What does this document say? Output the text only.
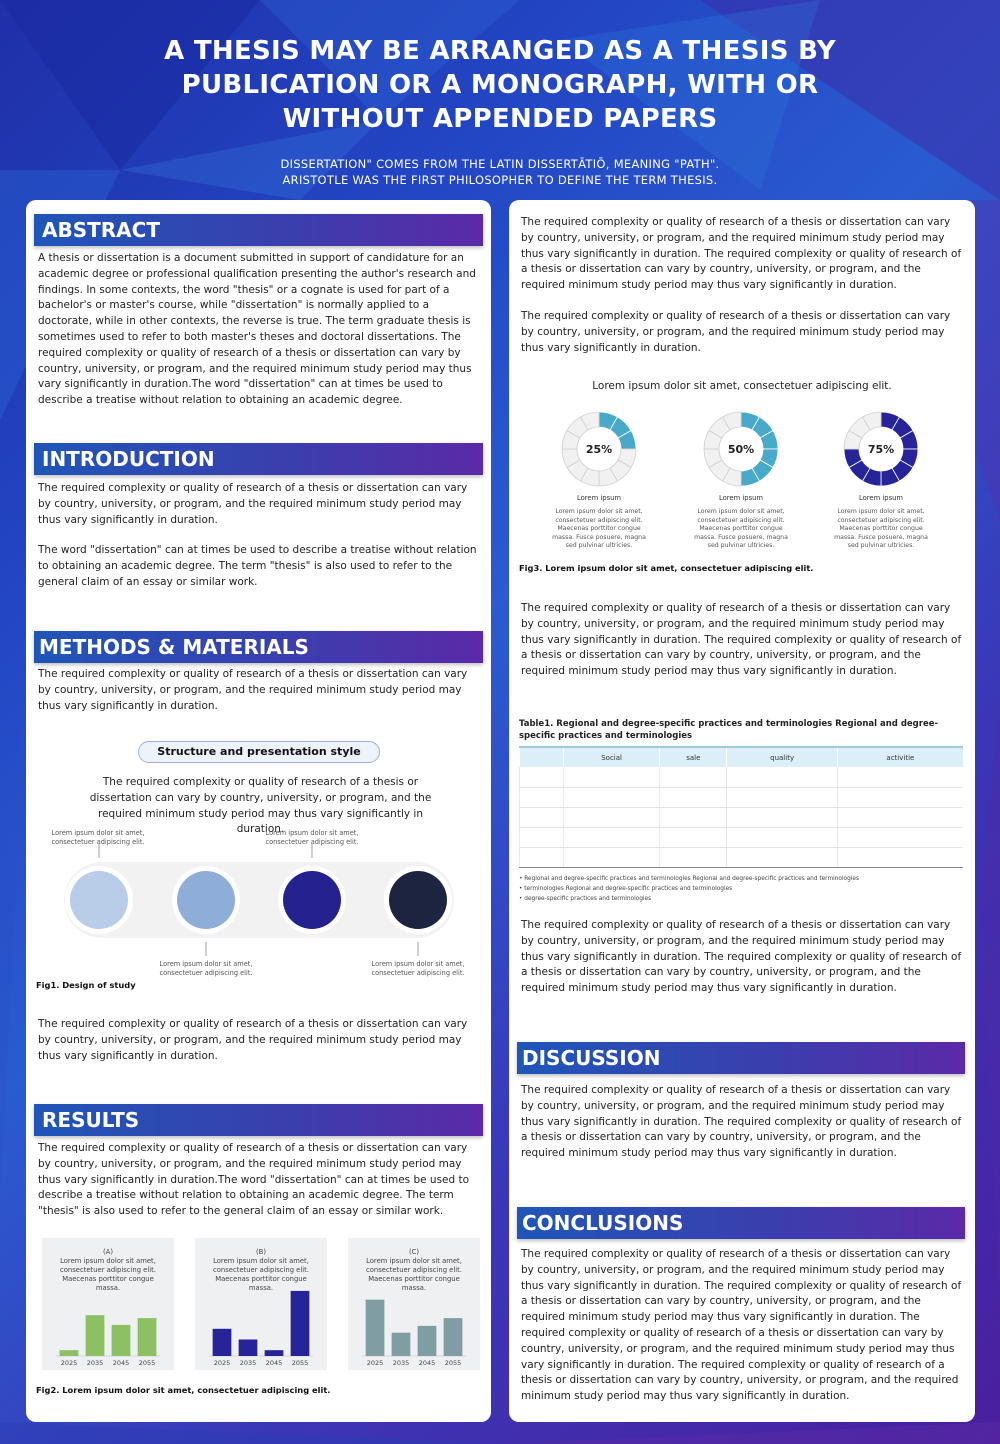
A THESIS MAY BE ARRANGED AS A THESIS BY PUBLICATION OR A MONOGRAPH, WITH OR WITHOUT APPENDED PAPERS
DISSERTATION" COMES FROM THE LATIN DISSERTĀTIŌ, MEANING "PATH".
ARISTOTLE WAS THE FIRST PHILOSOPHER TO DEFINE THE TERM THESIS.
ABSTRACT
A thesis or dissertation is a document submitted in support of candidature for an academic degree or professional qualification presenting the author's research and findings. In some contexts, the word "thesis" or a cognate is used for part of a bachelor's or master's course, while "dissertation" is normally applied to a doctorate, while in other contexts, the reverse is true. The term graduate thesis is sometimes used to refer to both master's theses and doctoral dissertations. The required complexity or quality of research of a thesis or dissertation can vary by country, university, or program, and the required minimum study period may thus vary significantly in duration.The word "dissertation" can at times be used to describe a treatise without relation to obtaining an academic degree.
INTRODUCTION
The required complexity or quality of research of a thesis or dissertation can vary by country, university, or program, and the required minimum study period may thus vary significantly in duration.
The word "dissertation" can at times be used to describe a treatise without relation to obtaining an academic degree. The term "thesis" is also used to refer to the general claim of an essay or similar work.
METHODS & MATERIALS
The required complexity or quality of research of a thesis or dissertation can vary by country, university, or program, and the required minimum study period may thus vary significantly in duration.
Structure and presentation style
The required complexity or quality of research of a thesis or dissertation can vary by country, university, or program, and the required minimum study period may thus vary significantly in duration.
Lorem ipsum dolor sit amet, consectetuer adipiscing elit.
Lorem ipsum dolor sit amet, consectetuer adipiscing elit.
Lorem ipsum dolor sit amet, consectetuer adipiscing elit.
Lorem ipsum dolor sit amet, consectetuer adipiscing elit.
Fig1. Design of study
The required complexity or quality of research of a thesis or dissertation can vary by country, university, or program, and the required minimum study period may thus vary significantly in duration.
RESULTS
The required complexity or quality of research of a thesis or dissertation can vary by country, university, or program, and the required minimum study period may thus vary significantly in duration.The word "dissertation" can at times be used to describe a treatise without relation to obtaining an academic degree. The term "thesis" is also used to refer to the general claim of an essay or similar work.
(A)
Lorem ipsum dolor sit amet, consectetuer adipiscing elit. Maecenas porttitor congue massa.
2025 2035 2045 2055
(B)
Lorem ipsum dolor sit amet, consectetuer adipiscing elit. Maecenas porttitor congue massa.
2025 2035 2045 2055
(C)
Lorem ipsum dolor sit amet, consectetuer adipiscing elit. Maecenas porttitor congue massa.
2025 2035 2045 2055
Fig2. Lorem ipsum dolor sit amet, consectetuer adipiscing elit.
The required complexity or quality of research of a thesis or dissertation can vary by country, university, or program, and the required minimum study period may thus vary significantly in duration. The required complexity or quality of research of a thesis or dissertation can vary by country, university, or program, and the required minimum study period may thus vary significantly in duration.
The required complexity or quality of research of a thesis or dissertation can vary by country, university, or program, and the required minimum study period may thus vary significantly in duration.
Lorem ipsum dolor sit amet, consectetuer adipiscing elit.
25%	50%	75%
Lorem ipsum	Lorem ipsum	Lorem ipsum
Lorem ipsum dolor sit amet, consectetuer adipiscing elit. Maecenas porttitor congue massa. Fusce posuere, magna sed pulvinar ultricies.
Lorem ipsum dolor sit amet, consectetuer adipiscing elit. Maecenas porttitor congue massa. Fusce posuere, magna sed pulvinar ultricies.
Lorem ipsum dolor sit amet, consectetuer adipiscing elit. Maecenas porttitor congue massa. Fusce posuere, magna sed pulvinar ultricies.
Fig3. Lorem ipsum dolor sit amet, consectetuer adipiscing elit.
The required complexity or quality of research of a thesis or dissertation can vary by country, university, or program, and the required minimum study period may thus vary significantly in duration. The required complexity or quality of research of a thesis or dissertation can vary by country, university, or program, and the required minimum study period may thus vary significantly in duration.
Table1. Regional and degree-specific practices and terminologies Regional and degree-specific practices and terminologies
	Social	sale	quality	activitie

• Regional and degree-specific practices and terminologies Regional and degree-specific practices and terminologies
• terminologies Regional and degree-specific practices and terminologies
• degree-specific practices and terminologies
The required complexity or quality of research of a thesis or dissertation can vary by country, university, or program, and the required minimum study period may thus vary significantly in duration. The required complexity or quality of research of a thesis or dissertation can vary by country, university, or program, and the required minimum study period may thus vary significantly in duration.
DISCUSSION
The required complexity or quality of research of a thesis or dissertation can vary by country, university, or program, and the required minimum study period may thus vary significantly in duration. The required complexity or quality of research of a thesis or dissertation can vary by country, university, or program, and the required minimum study period may thus vary significantly in duration.
CONCLUSIONS
The required complexity or quality of research of a thesis or dissertation can vary by country, university, or program, and the required minimum study period may thus vary significantly in duration. The required complexity or quality of research of a thesis or dissertation can vary by country, university, or program, and the required minimum study period may thus vary significantly in duration. The required complexity or quality of research of a thesis or dissertation can vary by country, university, or program, and the required minimum study period may thus vary significantly in duration. The required complexity or quality of research of a thesis or dissertation can vary by country, university, or program, and the required minimum study period may thus vary significantly in duration.
